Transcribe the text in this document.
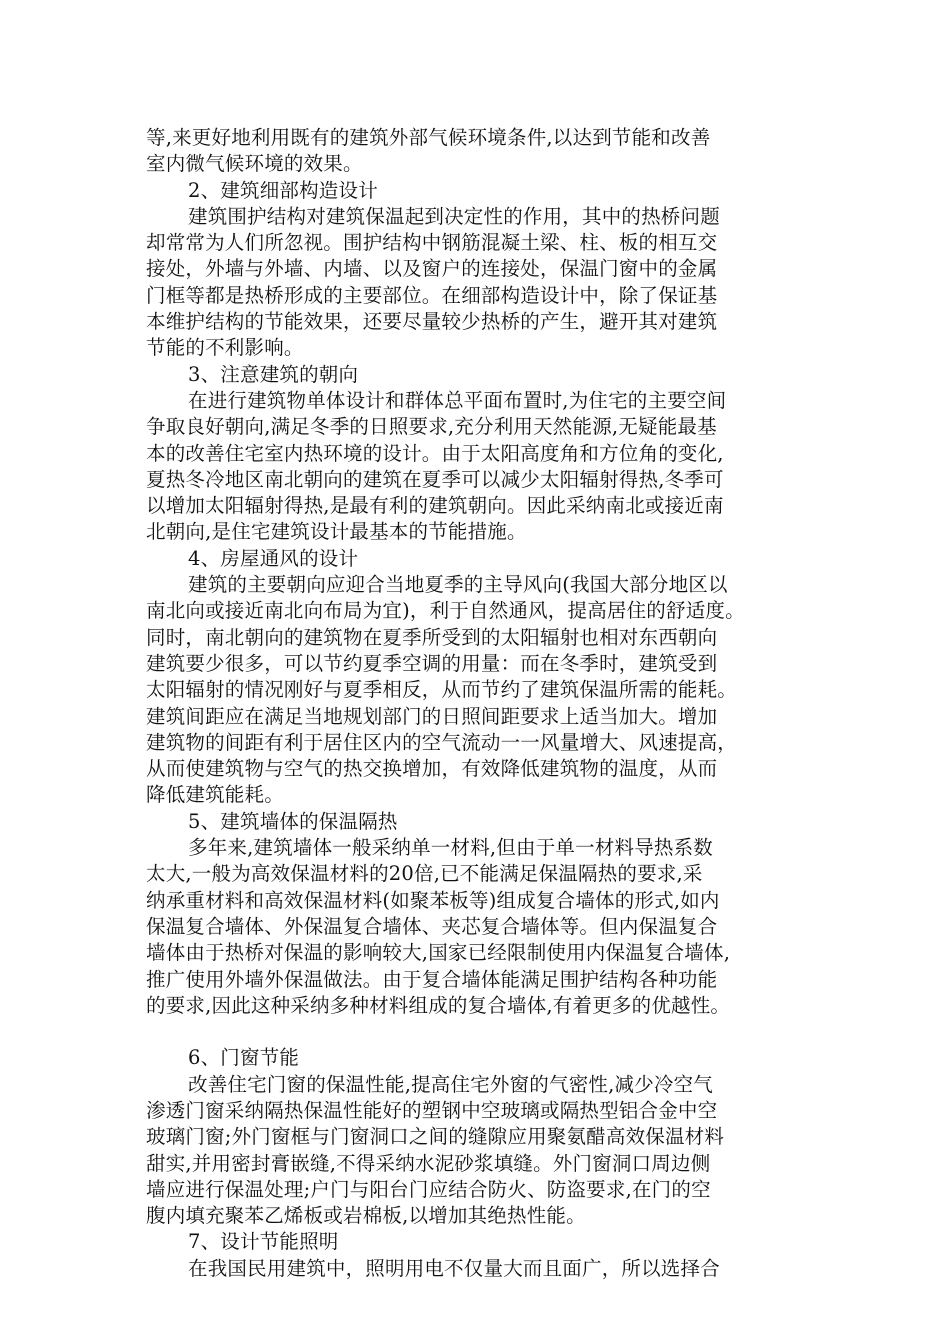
等,来更好地利用既有的建筑外部气候环境条件,以达到节能和改善
室内微气候环境的效果。
2、建筑细部构造设计
建筑围护结构对建筑保温起到决定性的作用，其中的热桥问题
却常常为人们所忽视。围护结构中钢筋混凝土梁、柱、板的相互交
接处，外墙与外墙、内墙、以及窗户的连接处，保温门窗中的金属
门框等都是热桥形成的主要部位。在细部构造设计中，除了保证基
本维护结构的节能效果，还要尽量较少热桥的产生，避开其对建筑
节能的不利影响。
3、注意建筑的朝向
在进行建筑物单体设计和群体总平面布置时,为住宅的主要空间
争取良好朝向,满足冬季的日照要求,充分利用天然能源,无疑能最基
本的改善住宅室内热环境的设计。由于太阳高度角和方位角的变化,
夏热冬冷地区南北朝向的建筑在夏季可以减少太阳辐射得热,冬季可
以增加太阳辐射得热,是最有利的建筑朝向。因此采纳南北或接近南
北朝向,是住宅建筑设计最基本的节能措施。
4、房屋通风的设计
建筑的主要朝向应迎合当地夏季的主导风向(我国大部分地区以
南北向或接近南北向布局为宜)，利于自然通风，提高居住的舒适度。
同时，南北朝向的建筑物在夏季所受到的太阳辐射也相对东西朝向
建筑要少很多，可以节约夏季空调的用量：而在冬季时，建筑受到
太阳辐射的情况刚好与夏季相反，从而节约了建筑保温所需的能耗。
建筑间距应在满足当地规划部门的日照间距要求上适当加大。增加
建筑物的间距有利于居住区内的空气流动一一风量增大、风速提高，
从而使建筑物与空气的热交换增加，有效降低建筑物的温度，从而
降低建筑能耗。
5、建筑墙体的保温隔热
多年来,建筑墙体一般采纳单一材料,但由于单一材料导热系数
太大,一般为高效保温材料的20倍,已不能满足保温隔热的要求,采
纳承重材料和高效保温材料(如聚苯板等)组成复合墙体的形式,如内
保温复合墙体、外保温复合墙体、夹芯复合墙体等。但内保温复合
墙体由于热桥对保温的影响较大,国家已经限制使用内保温复合墙体,
推广使用外墙外保温做法。由于复合墙体能满足围护结构各种功能
的要求,因此这种采纳多种材料组成的复合墙体,有着更多的优越性。
6、门窗节能
改善住宅门窗的保温性能,提高住宅外窗的气密性,减少冷空气
渗透门窗采纳隔热保温性能好的塑钢中空玻璃或隔热型铝合金中空
玻璃门窗;外门窗框与门窗洞口之间的缝隙应用聚氨醋高效保温材料
甜实,并用密封膏嵌缝,不得采纳水泥砂浆填缝。外门窗洞口周边侧
墙应进行保温处理;户门与阳台门应结合防火、防盗要求,在门的空
腹内填充聚苯乙烯板或岩棉板,以增加其绝热性能。
7、设计节能照明
在我国民用建筑中，照明用电不仅量大而且面广，所以选择合
